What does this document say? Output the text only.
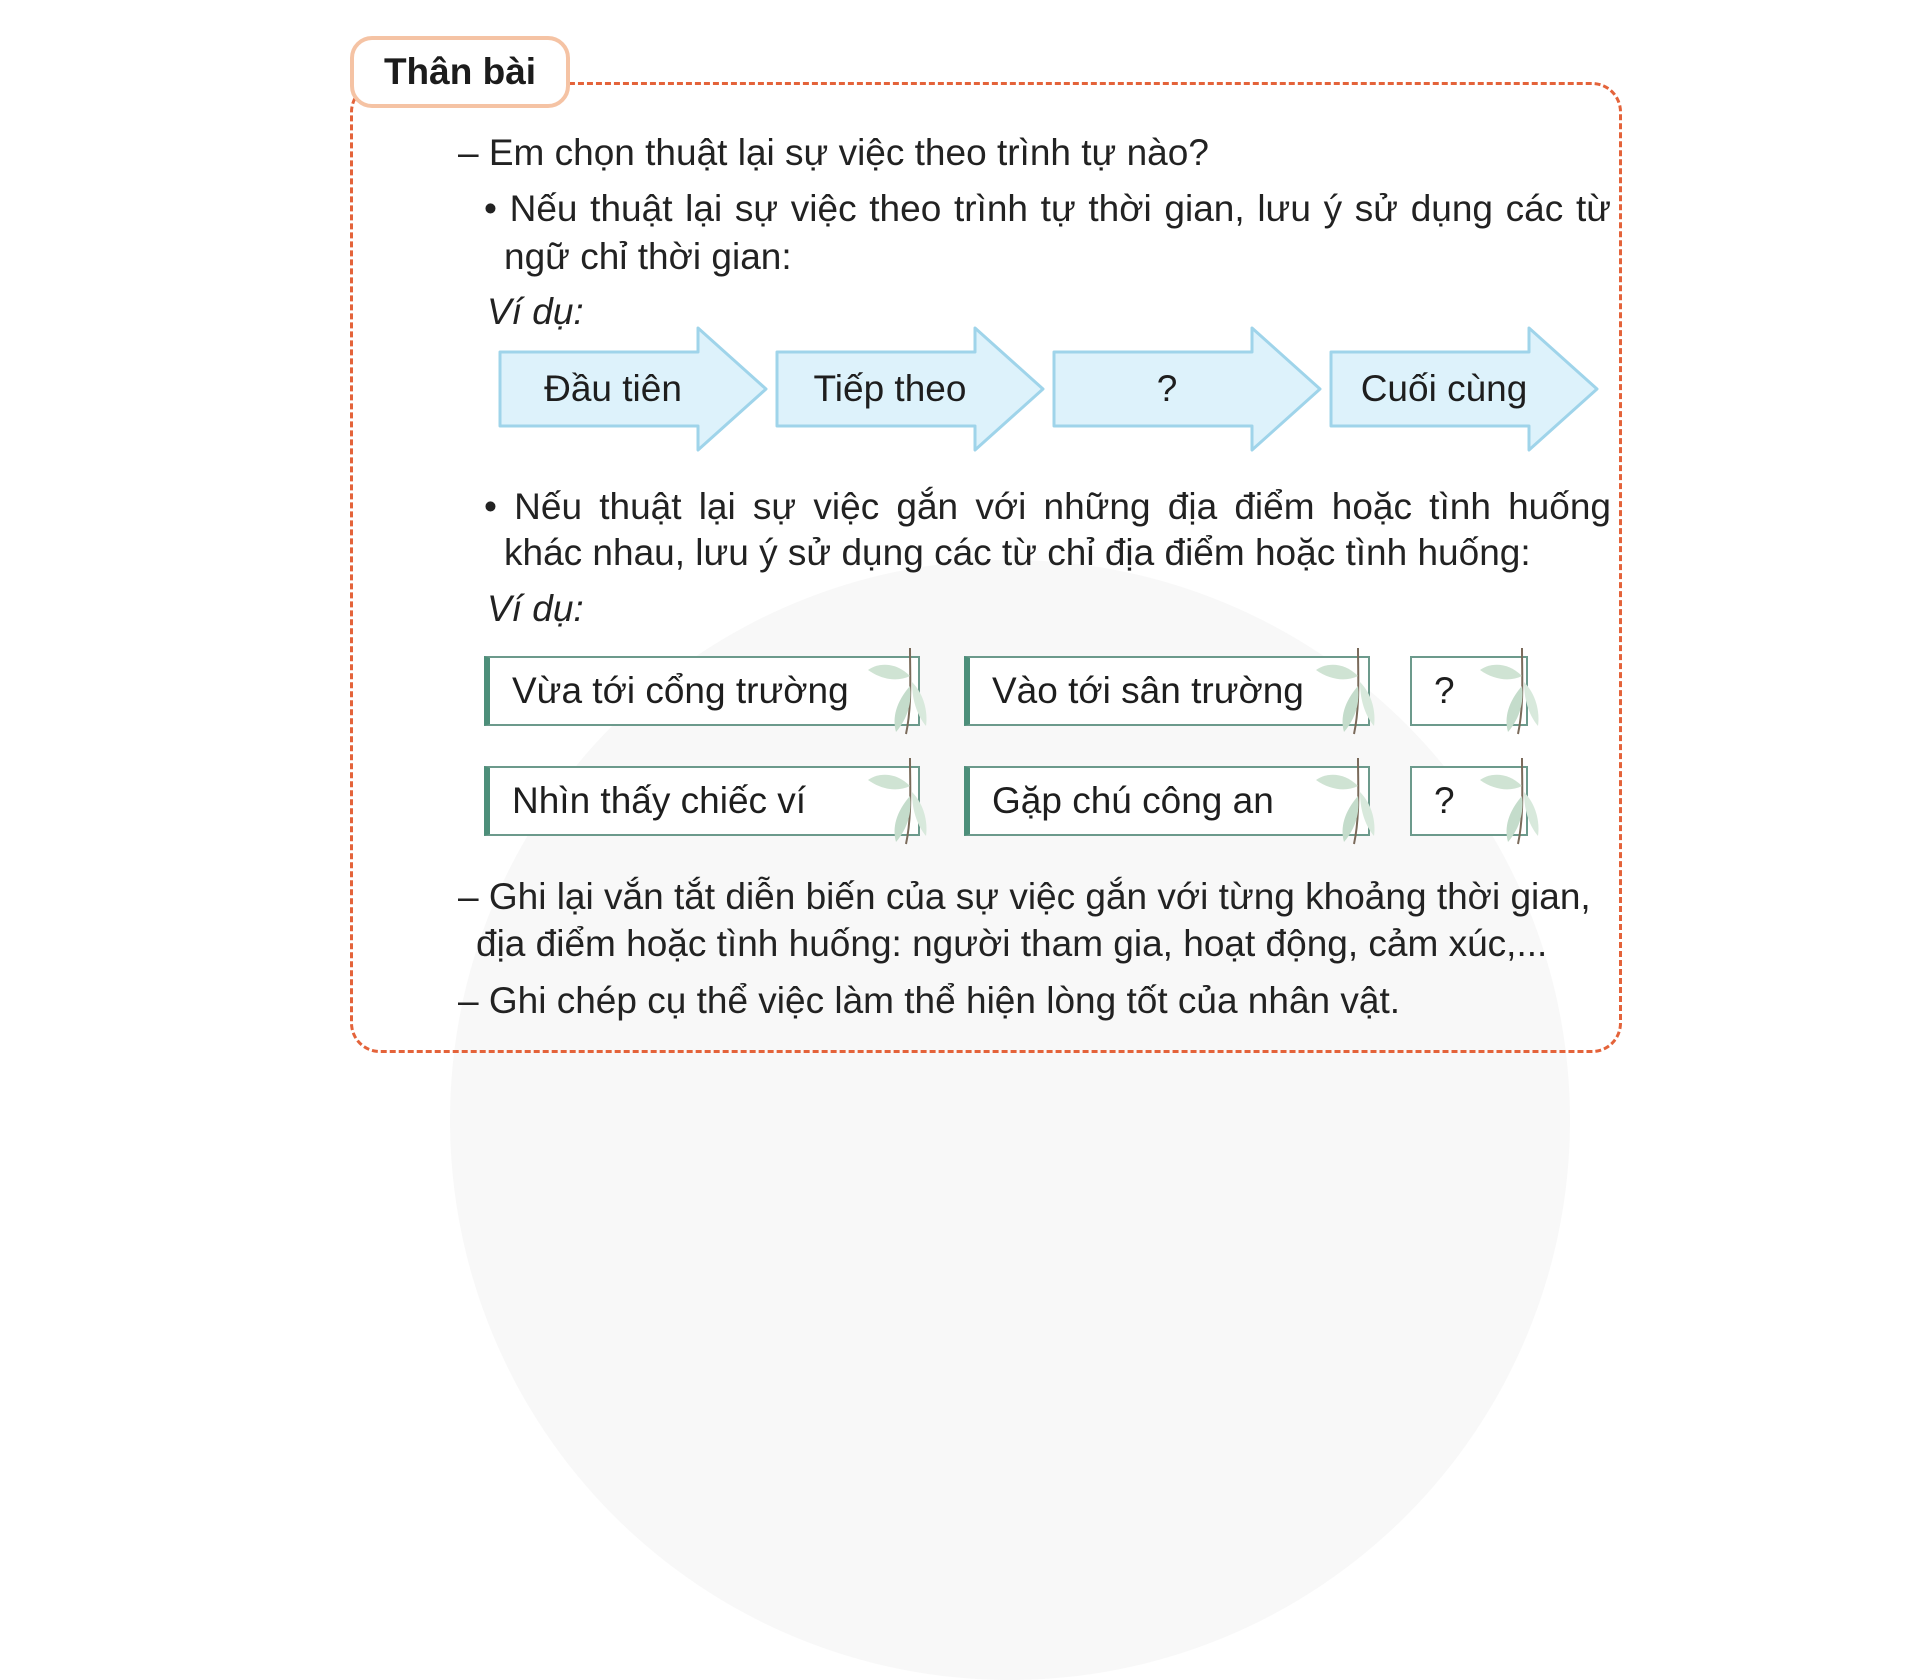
Thân bài
– Em chọn thuật lại sự việc theo trình tự nào?
• Nếu thuật lại sự việc theo trình tự thời gian, lưu ý sử dụng các từ
ngữ chỉ thời gian:
Ví dụ:
Đầu tiên	Tiếp theo	?	Cuối cùng
• Nếu thuật lại sự việc gắn với những địa điểm hoặc tình huống
khác nhau, lưu ý sử dụng các từ chỉ địa điểm hoặc tình huống:
Ví dụ:
Vừa tới cổng trường	Vào tới sân trường	?
Nhìn thấy chiếc ví	Gặp chú công an	?
– Ghi lại vắn tắt diễn biến của sự việc gắn với từng khoảng thời gian,
địa điểm hoặc tình huống: người tham gia, hoạt động, cảm xúc,...
– Ghi chép cụ thể việc làm thể hiện lòng tốt của nhân vật.
